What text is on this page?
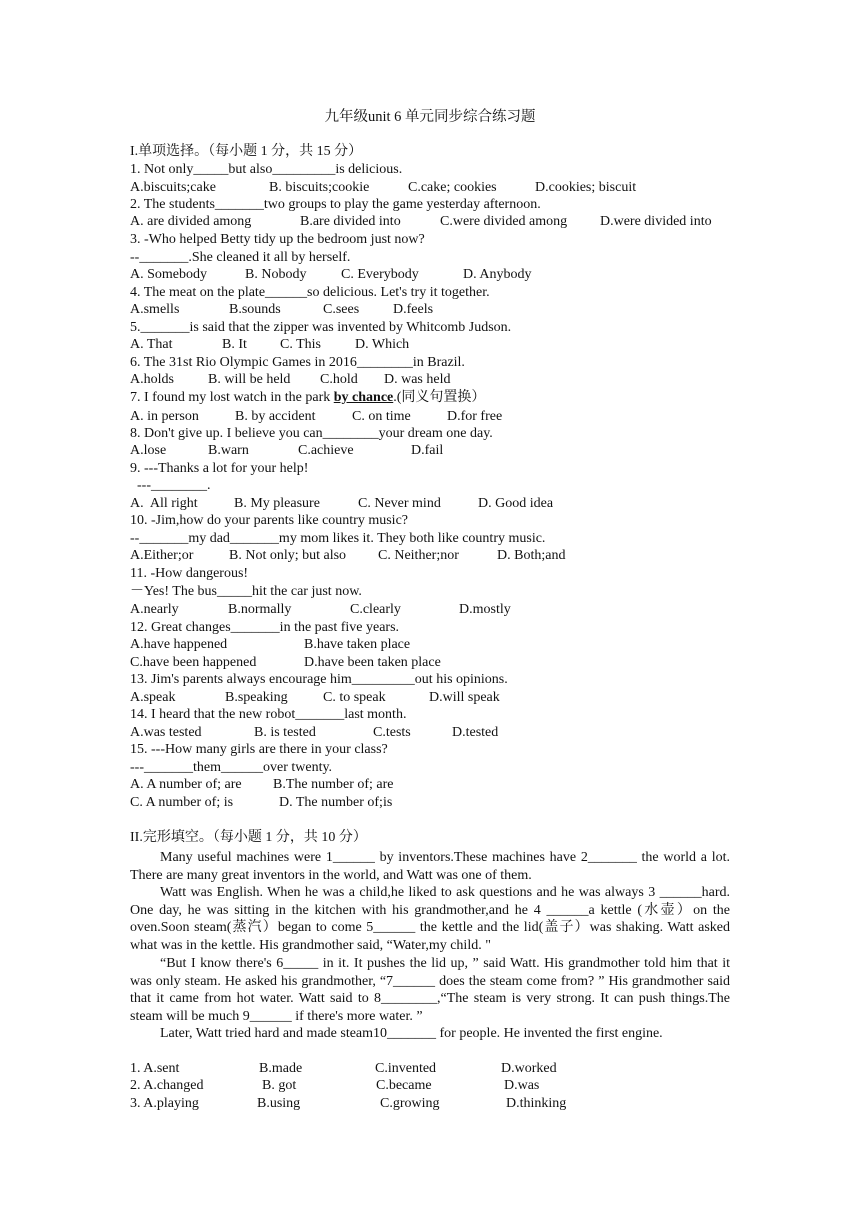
九年级unit 6 单元同步综合练习题
I.单项选择。（每小题 1 分，共 15 分）
1. Not only_____but also_________is delicious.
A.biscuits;cake	B. biscuits;cookie	C.cake; cookies	D.cookies; biscuit
2. The students_______two groups to play the game yesterday afternoon.
A. are divided among	B.are divided into	C.were divided among D.were divided into
3. -Who helped Betty tidy up the bedroom just now?
--_______.She cleaned it all by herself.
A. Somebody	B. Nobody C. Everybody	D. Anybody
4. The meat on the plate______so delicious. Let's try it together.
A.smells	B.sounds	C.sees D.feels
5._______is said that the zipper was invented by Whitcomb Judson.
A. That	B. It C. This D. Which
6. The 31st Rio Olympic Games in 2016________in Brazil.
A.holds B. will be held C.hold D. was held
7. I found my lost watch in the park by chance.(同义句置换）
A. in person	B. by accident	C. on time	D.for free
8. Don't give up. I believe you can________your dream one day.
A.lose	B.warn	C.achieve	D.fail
9. ---Thanks a lot for your help!
---________.
A.  All right	B. My pleasure	C. Never mind	D. Good idea
10. -Jim,how do your parents like country music?
--_______my dad_______my mom likes it. They both like country music.
A.Either;or	B. Not only; but also C. Neither;nor	D. Both;and
11. -How dangerous!
－Yes! The bus_____hit the car just now.
A.nearly	B.normally	C.clearly	D.mostly
12. Great changes_______in the past five years.
A.have happened	B.have taken place
C.have been happened	D.have been taken place
13. Jim's parents always encourage him_________out his opinions.
A.speak	B.speaking	C. to speak	D.will speak
14. I heard that the new robot_______last month.
A.was tested	B. is tested	C.tests	D.tested
15. ---How many girls are there in your class?
---_______them______over twenty.
A. A number of; are B.The number of; are
C. A number of; is	D. The number of;is
II.完形填空。（每小题 1 分，共 10 分）

Many useful machines were 1______ by inventors.These machines have 2_______ the world a lot. There are many great inventors in the world, and Watt was one of them.

Watt was English. When he was a child,he liked to ask questions and he was always 3 ______hard. One day, he was sitting in the kitchen with his grandmother,and he 4 ______a kettle (水壶）on the oven.Soon steam(蒸汽）began to come 5______ the kettle and the lid(盖子）was shaking. Watt asked what was in the kettle. His grandmother said, “Water,my child. "

“But I know there's 6_____ in it. It pushes the lid up, ” said Watt. His grandmother told him that it was only steam. He asked his grandmother, “7______ does the steam come from? ” His grandmother said that it came from hot water. Watt said to 8________,“The steam is very strong. It can push things.The steam will be much 9______ if there's more water. ”

Later, Watt tried hard and made steam10_______ for people. He invented the first engine.

1. A.sent	B.made	C.invented	D.worked
2. A.changed	B. got	C.became	D.was
3. A.playing	B.using	C.growing	D.thinking
